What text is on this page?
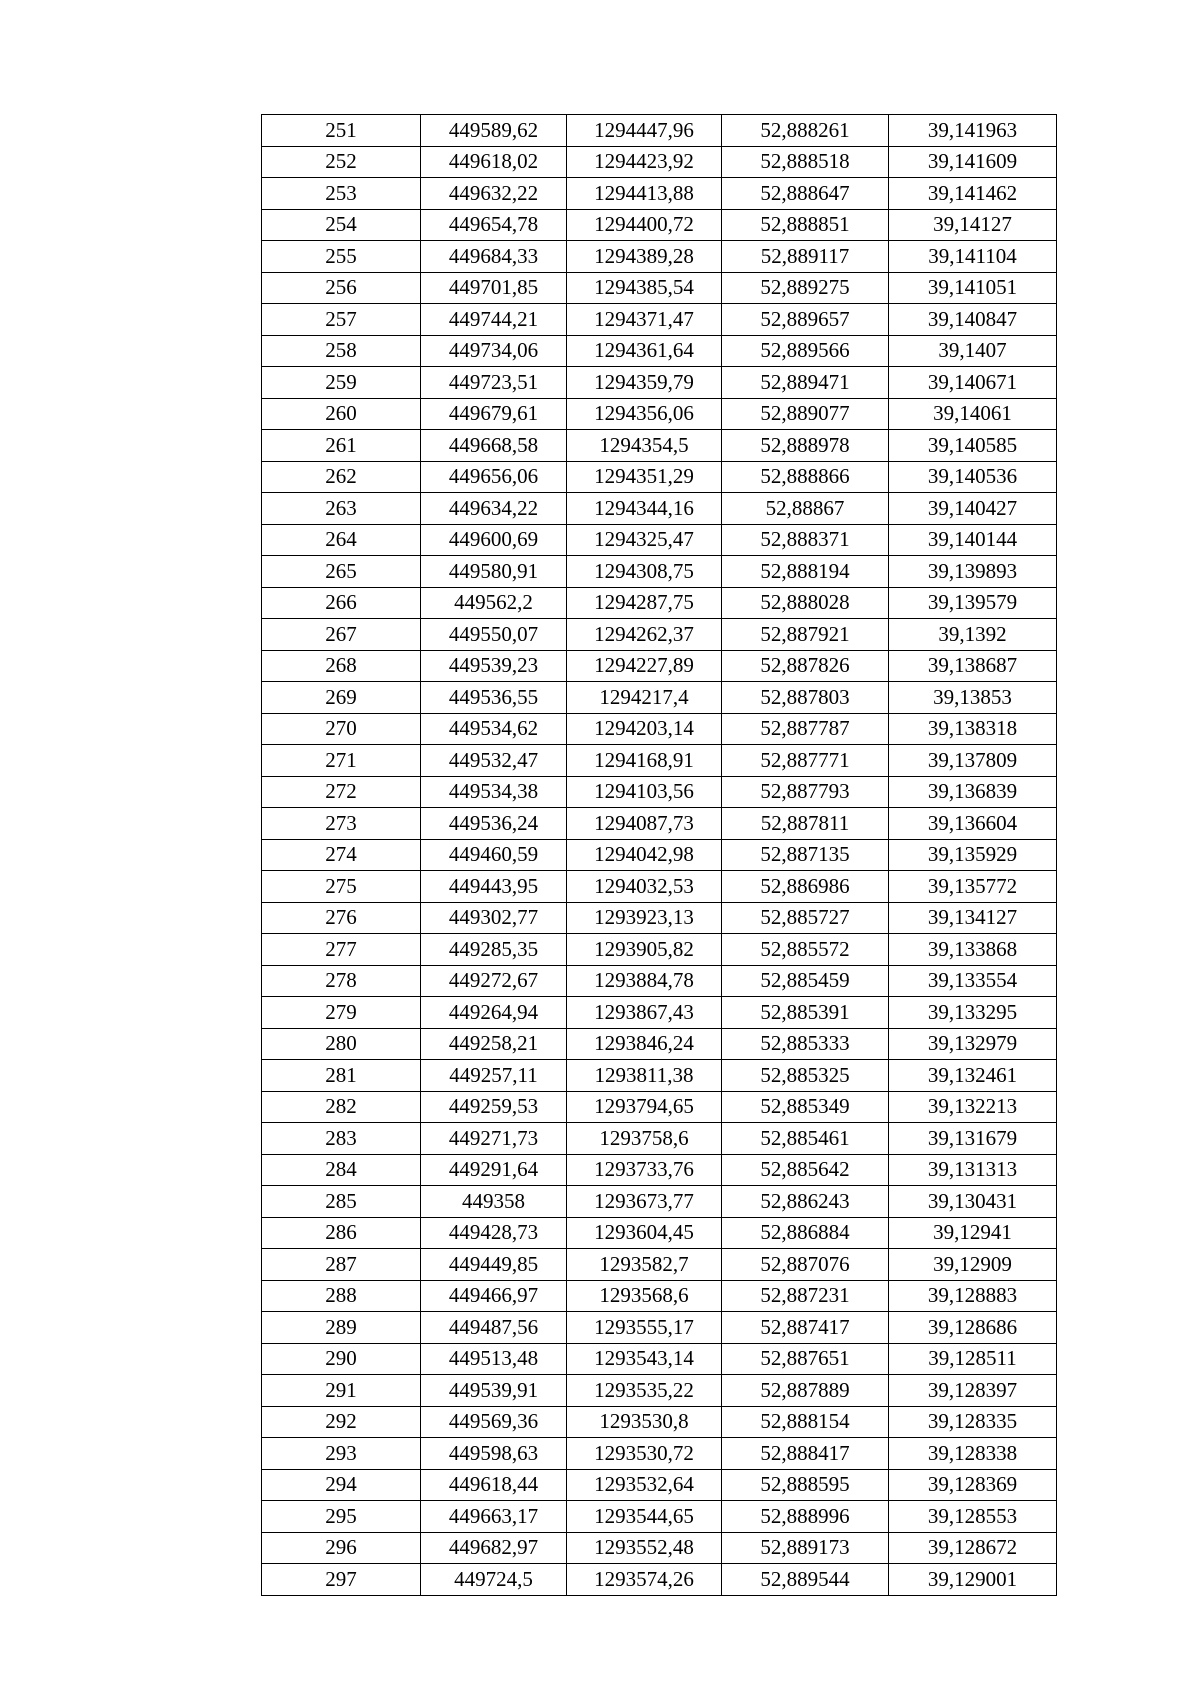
251	449589,62	1294447,96	52,888261	39,141963
252	449618,02	1294423,92	52,888518	39,141609
253	449632,22	1294413,88	52,888647	39,141462
254	449654,78	1294400,72	52,888851	39,14127
255	449684,33	1294389,28	52,889117	39,141104
256	449701,85	1294385,54	52,889275	39,141051
257	449744,21	1294371,47	52,889657	39,140847
258	449734,06	1294361,64	52,889566	39,1407
259	449723,51	1294359,79	52,889471	39,140671
260	449679,61	1294356,06	52,889077	39,14061
261	449668,58	1294354,5	52,888978	39,140585
262	449656,06	1294351,29	52,888866	39,140536
263	449634,22	1294344,16	52,88867	39,140427
264	449600,69	1294325,47	52,888371	39,140144
265	449580,91	1294308,75	52,888194	39,139893
266	449562,2	1294287,75	52,888028	39,139579
267	449550,07	1294262,37	52,887921	39,1392
268	449539,23	1294227,89	52,887826	39,138687
269	449536,55	1294217,4	52,887803	39,13853
270	449534,62	1294203,14	52,887787	39,138318
271	449532,47	1294168,91	52,887771	39,137809
272	449534,38	1294103,56	52,887793	39,136839
273	449536,24	1294087,73	52,887811	39,136604
274	449460,59	1294042,98	52,887135	39,135929
275	449443,95	1294032,53	52,886986	39,135772
276	449302,77	1293923,13	52,885727	39,134127
277	449285,35	1293905,82	52,885572	39,133868
278	449272,67	1293884,78	52,885459	39,133554
279	449264,94	1293867,43	52,885391	39,133295
280	449258,21	1293846,24	52,885333	39,132979
281	449257,11	1293811,38	52,885325	39,132461
282	449259,53	1293794,65	52,885349	39,132213
283	449271,73	1293758,6	52,885461	39,131679
284	449291,64	1293733,76	52,885642	39,131313
285	449358	1293673,77	52,886243	39,130431
286	449428,73	1293604,45	52,886884	39,12941
287	449449,85	1293582,7	52,887076	39,12909
288	449466,97	1293568,6	52,887231	39,128883
289	449487,56	1293555,17	52,887417	39,128686
290	449513,48	1293543,14	52,887651	39,128511
291	449539,91	1293535,22	52,887889	39,128397
292	449569,36	1293530,8	52,888154	39,128335
293	449598,63	1293530,72	52,888417	39,128338
294	449618,44	1293532,64	52,888595	39,128369
295	449663,17	1293544,65	52,888996	39,128553
296	449682,97	1293552,48	52,889173	39,128672
297	449724,5	1293574,26	52,889544	39,129001
